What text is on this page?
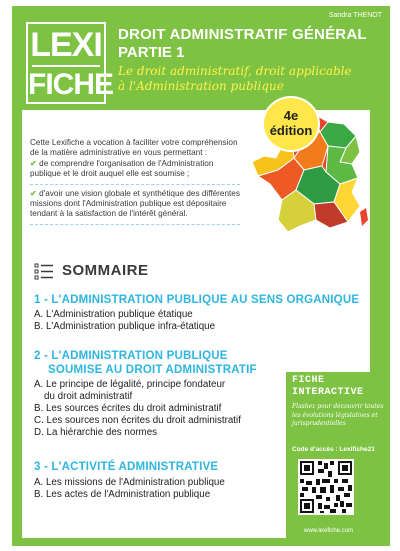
LEXI
FICHE
Sandra THENOT
DROIT ADMINISTRATIF GÉNÉRAL
PARTIE 1
Le droit administratif, droit applicable à l'Administration publique

Cette Lexifiche a vocation à faciliter votre compréhension de la matière administrative en vous permettant :

✔ de comprendre l'organisation de l'Administration publique et le droit auquel elle est soumise ;

✔ d'avoir une vision globale et synthétique des différentes missions dont l'Administration publique est dépositaire tendant à la satisfaction de l'intérêt général.

4e
édition
SOMMAIRE
1 - L'ADMINISTRATION PUBLIQUE AU SENS ORGANIQUE
A. L'Administration publique étatique
B. L'Administration publique infra-étatique
2 - L'ADMINISTRATION PUBLIQUE
SOUMISE AU DROIT ADMINISTRATIF
A. Le principe de légalité, principe fondateur
du droit administratif
B. Les sources écrites du droit administratif
C. Les sources non écrites du droit administratif
D. La hiérarchie des normes
3 - L'ACTIVITÉ ADMINISTRATIVE
A. Les missions de l'Administration publique
B. Les actes de l'Administration publique
FICHE
INTERACTIVE
Flashez pour découvrir toutes les évolutions législatives et jurisprudentielles
Code d'accès : Lexifiche21
www.lexifiche.com
